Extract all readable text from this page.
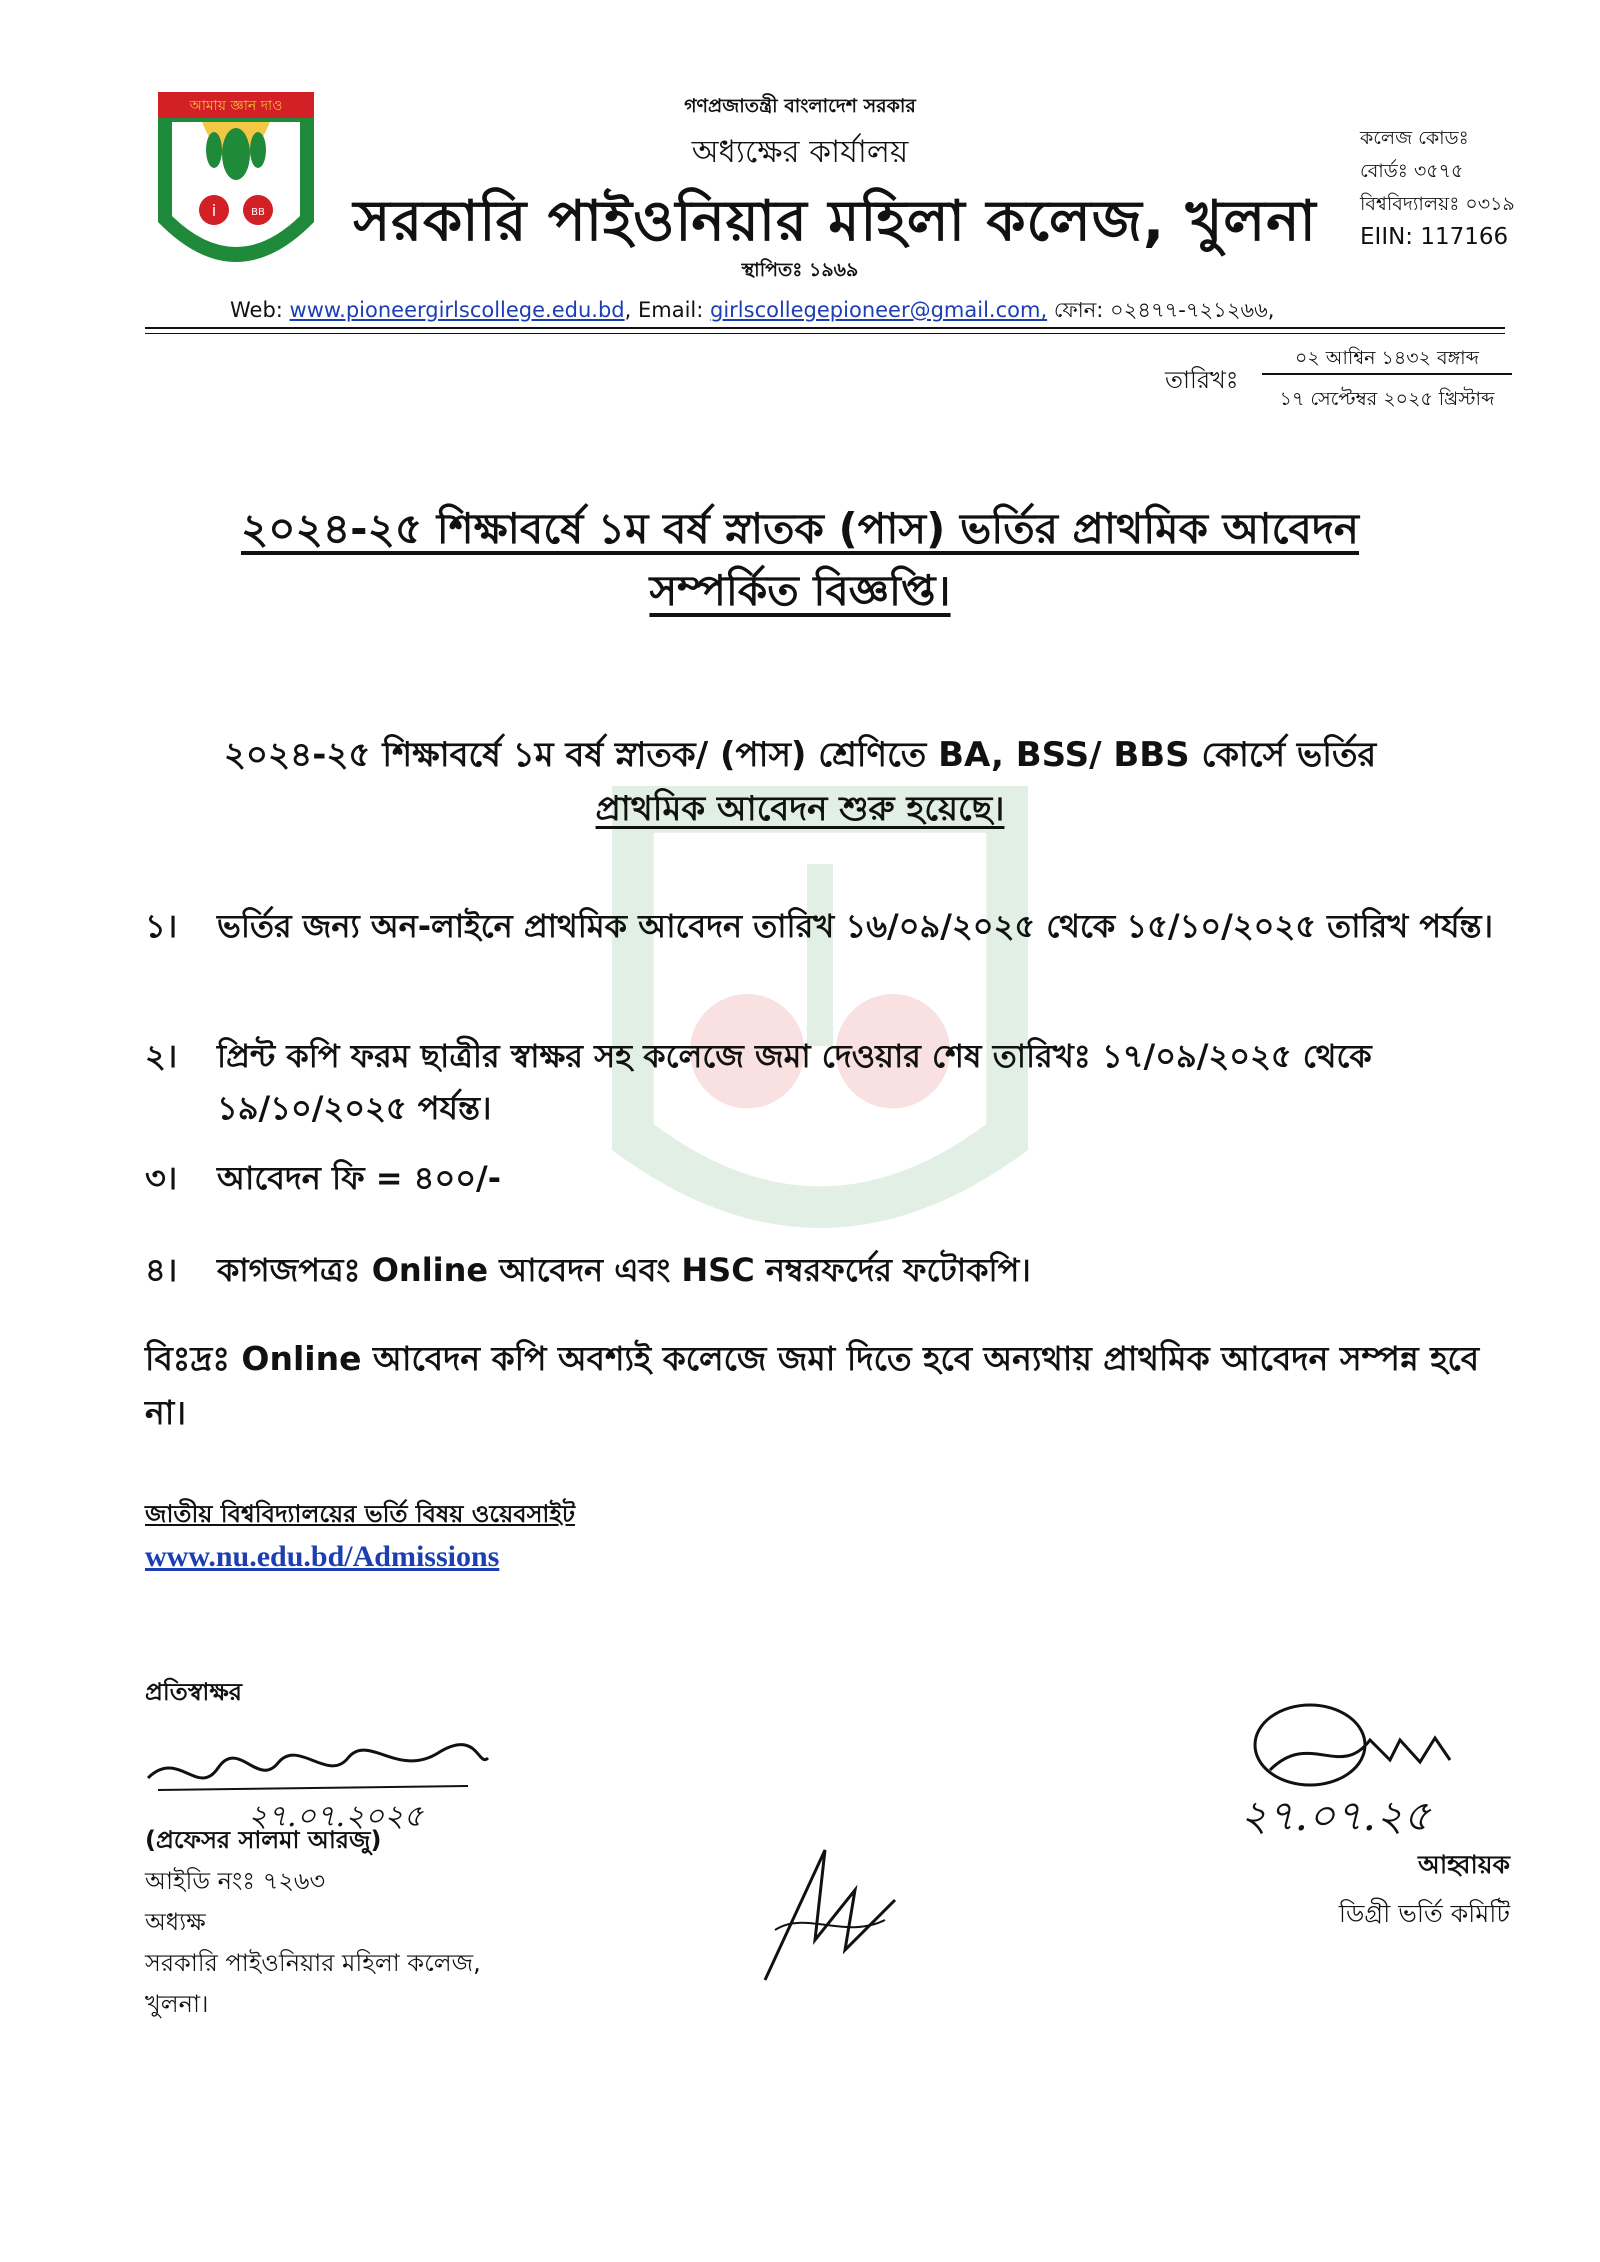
i	BB
আমায় জ্ঞান দাও	গণপ্রজাতন্ত্রী বাংলাদেশ সরকার
অধ্যক্ষের কার্যালয়
সরকারি পাইওনিয়ার মহিলা কলেজ, খুলনা
স্থাপিতঃ ১৯৬৯
কলেজ কোডঃ
বোর্ডঃ ৩৫৭৫
বিশ্ববিদ্যালয়ঃ ০৩১৯
EIIN: 117166
Web: www.pioneergirlscollege.edu.bd, Email: girlscollegepioneer@gmail.com, ফোন: ০২৪৭৭-৭২১২৬৬,
তারিখঃ
০২ আশ্বিন ১৪৩২ বঙ্গাব্দ
১৭ সেপ্টেম্বর ২০২৫ খ্রিস্টাব্দ
২০২৪-২৫ শিক্ষাবর্ষে ১ম বর্ষ স্নাতক (পাস) ভর্তির প্রাথমিক আবেদন
সম্পর্কিত বিজ্ঞপ্তি।
২০২৪-২৫ শিক্ষাবর্ষে ১ম বর্ষ স্নাতক/ (পাস) শ্রেণিতে BA, BSS/ BBS কোর্সে ভর্তির
প্রাথমিক আবেদন শুরু হয়েছে।
১।	ভর্তির জন্য অন-লাইনে প্রাথমিক আবেদন তারিখ ১৬/০৯/২০২৫ থেকে ১৫/১০/২০২৫ তারিখ পর্যন্ত।
২।	প্রিন্ট কপি ফরম ছাত্রীর স্বাক্ষর সহ কলেজে জমা দেওয়ার শেষ তারিখঃ ১৭/০৯/২০২৫ থেকে ১৯/১০/২০২৫ পর্যন্ত।
৩।	আবেদন ফি = ৪০০/-
৪।	কাগজপত্রঃ Online আবেদন এবং HSC নম্বরফর্দের ফটোকপি।
বিঃদ্রঃ Online আবেদন কপি অবশ্যই কলেজে জমা দিতে হবে অন্যথায় প্রাথমিক আবেদন সম্পন্ন হবে না।
জাতীয় বিশ্ববিদ্যালয়ের ভর্তি বিষয় ওয়েবসাইট
www.nu.edu.bd/Admissions
প্রতিস্বাক্ষর
২৭.০৭.২০২৫
(প্রফেসর সালমা আরজু)
আইডি নংঃ ৭২৬৩
অধ্যক্ষ
সরকারি পাইওনিয়ার মহিলা কলেজ,
খুলনা।
২৭.০৭.২৫
আহ্বায়ক
ডিগ্রী ভর্তি কমিটি
